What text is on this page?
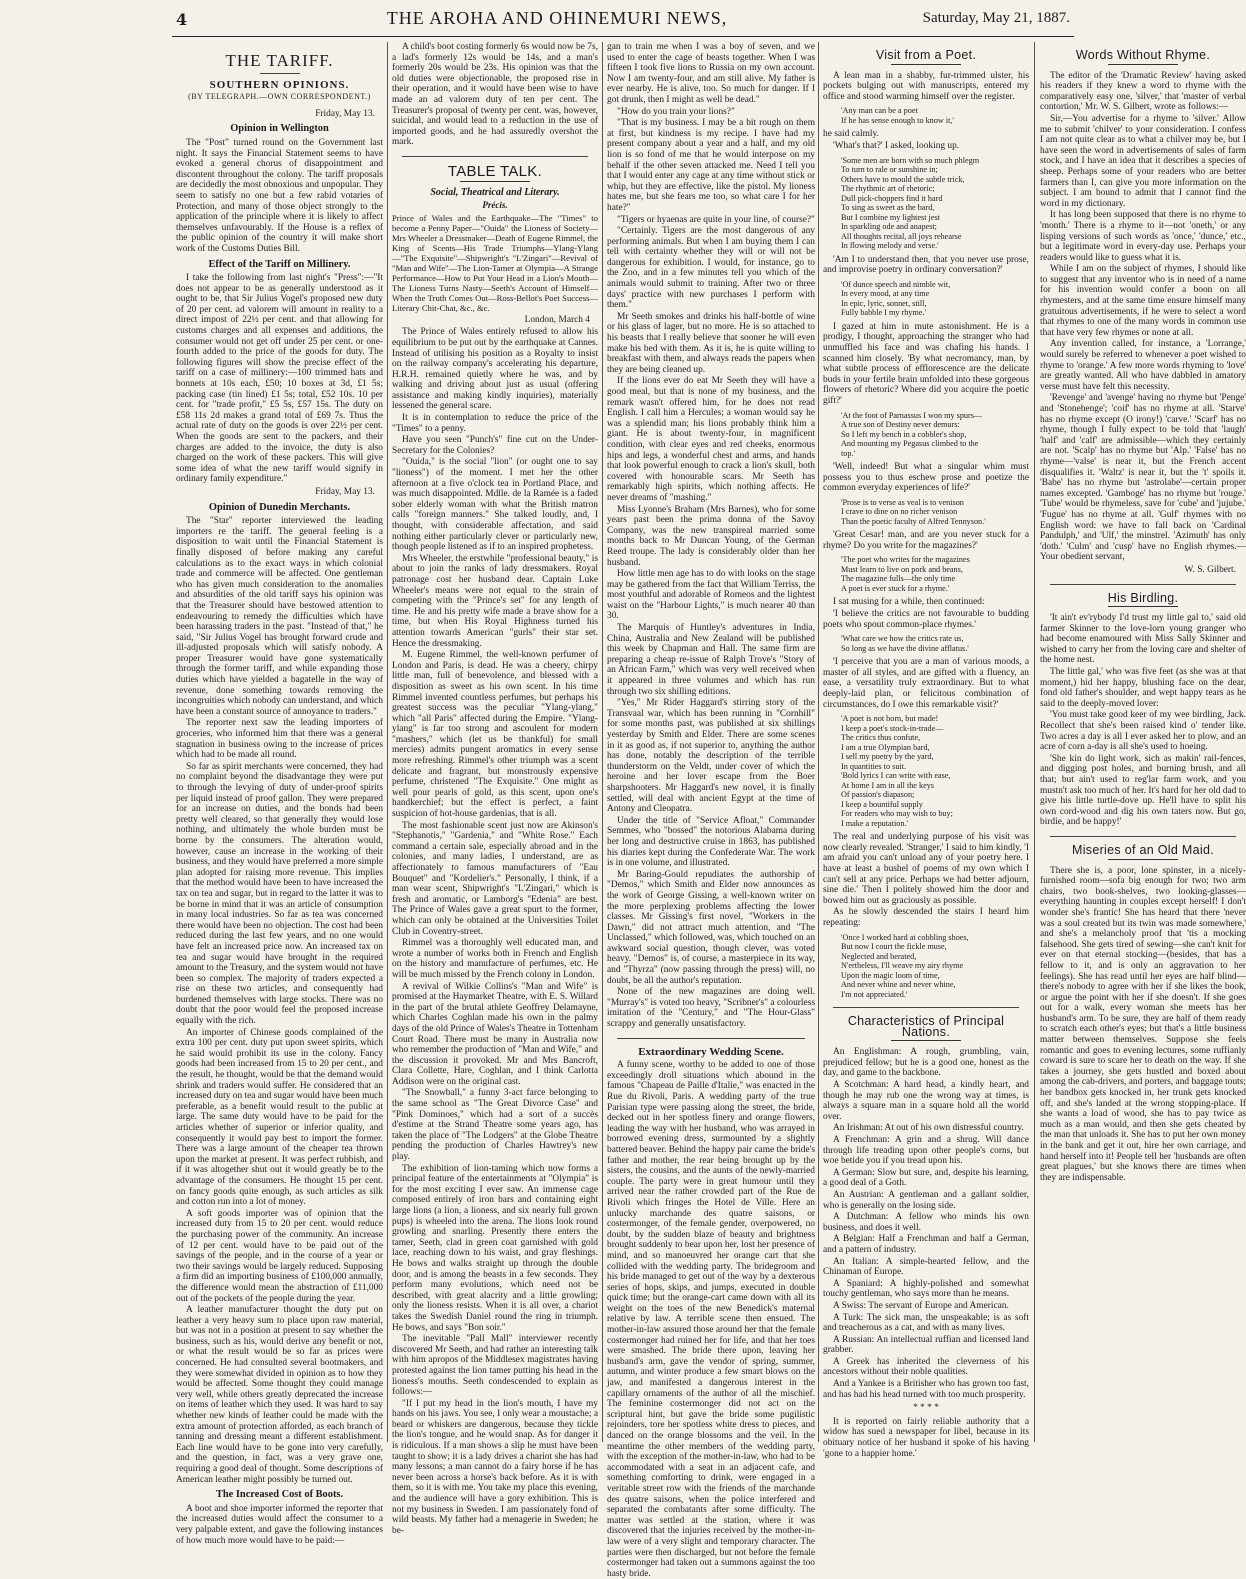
4	THE AROHA AND OHINEMURI NEWS,	Saturday, May 21, 1887.
THE TARIFF.
SOUTHERN OPINIONS.
(BY TELEGRAPH.—OWN CORRESPONDENT.)
Friday, May 13.
Opinion in Wellington

The "Post" turned round on the Government last night. It says the Financial Statement seems to have evoked a general chorus of disappointment and discontent throughout the colony. The tariff proposals are decidedly the most obnoxious and unpopular. They seem to satisfy no one but a few rabid votaries of Protection, and many of those object strongly to the application of the principle where it is likely to affect themselves unfavourably. If the House is a reflex of the public opinion of the country it will make short work of the Customs Duties Bill.

Effect of the Tariff on Millinery.

I take the following from last night's "Press":—"It does not appear to be as generally understood as it ought to be, that Sir Julius Vogel's proposed new duty of 20 per cent. ad valorem will amount in reality to a direct impost of 22½ per cent. and that allowing for customs charges and all expenses and additions, the consumer would not get off under 25 per cent. or one-fourth added to the price of the goods for duty. The following figures will show the precise effect of the tariff on a case of millinery:—100 trimmed hats and bonnets at 10s each, £50; 10 boxes at 3d, £1 5s; packing case (tin lined) £1 5s; total, £52 10s. 10 per cent. for "trade profit," £5 5s, £57 15s. The duty on £58 11s 2d makes a grand total of £69 7s. Thus the actual rate of duty on the goods is over 22½ per cent. When the goods are sent to the packers, and their charges are added to the invoice, the duty is also charged on the work of these packers. This will give some idea of what the new tariff would signify in ordinary family expenditure."

Friday, May 13.
Opinion of Dunedin Merchants.

The "Star" reporter interviewed the leading importers re the tariff. The general feeling is a disposition to wait until the Financial Statement is finally disposed of before making any careful calculations as to the exact ways in which colonial trade and commerce will be affected. One gentleman who has given much consideration to the anomalies and absurdities of the old tariff says his opinion was that the Treasurer should have bestowed attention to endeavouring to remedy the difficulties which have been harassing traders in the past. "Instead of that," he said, "Sir Julius Vogel has brought forward crude and ill-adjusted proposals which will satisfy nobody. A proper Treasurer would have gone systematically through the former tariff, and while expanding those duties which have yielded a bagatelle in the way of revenue, done something towards removing the incongruities which nobody can understand, and which have been a constant source of annoyance to traders."

The reporter next saw the leading importers of groceries, who informed him that there was a general stagnation in business owing to the increase of prices which had to be made all round.

So far as spirit merchants were concerned, they had no complaint beyond the disadvantage they were put to through the levying of duty of under-proof spirits per liquid instead of proof gallon. They were prepared for an increase on duties, and the bonds had been pretty well cleared, so that generally they would lose nothing, and ultimately the whole burden must be borne by the consumers. The alteration would, however, cause an increase in the working of their business, and they would have preferred a more simple plan adopted for raising more revenue. This implies that the method would have been to have increased the tax on tea and sugar, but in regard to the latter it was to be borne in mind that it was an article of consumption in many local industries. So far as tea was concerned there would have been no objection. The cost had been reduced during the last few years, and no one would have felt an increased price now. An increased tax on tea and sugar would have brought in the required amount to the Treasury, and the system would not have been so complex. The majority of traders expected a rise on these two articles, and consequently had burdened themselves with large stocks. There was no doubt that the poor would feel the proposed increase equally with the rich.

An importer of Chinese goods complained of the extra 100 per cent. duty put upon sweet spirits, which he said would prohibit its use in the colony. Fancy goods had been increased from 15 to 20 per cent., and the result, he thought, would be that the demand would shrink and traders would suffer. He considered that an increased duty on tea and sugar would have been much preferable, as a benefit would result to the public at large. The same duty would have to be paid for the articles whether of superior or inferior quality, and consequently it would pay best to import the former. There was a large amount of the cheaper tea thrown upon the market at present. It was perfect rubbish, and if it was altogether shut out it would greatly be to the advantage of the consumers. He thought 15 per cent. on fancy goods quite enough, as such articles as silk and cotton run into a lot of money.

A soft goods importer was of opinion that the increased duty from 15 to 20 per cent. would reduce the purchasing power of the community. An increase of 12 per cent. would have to be paid out of the savings of the people, and in the course of a year or two their savings would be largely reduced. Supposing a firm did an importing business of £100,000 annually, the difference would mean the abstraction of £11,000 out of the pockets of the people during the year.

A leather manufacturer thought the duty put on leather a very heavy sum to place upon raw material, but was not in a position at present to say whether the business, such as his, would derive any benefit or not, or what the result would be so far as prices were concerned. He had consulted several bootmakers, and they were somewhat divided in opinion as to how they would be affected. Some thought they could manage very well, while others greatly deprecated the increase on items of leather which they used. It was hard to say whether new kinds of leather could be made with the extra amount of protection afforded, as each branch of tanning and dressing meant a different establishment. Each line would have to be gone into very carefully, and the question, in fact, was a very grave one, requiring a good deal of thought. Some descriptions of American leather might possibly be turned out.

The Increased Cost of Boots.

A boot and shoe importer informed the reporter that the increased duties would affect the consumer to a very palpable extent, and gave the following instances of how much more would have to be paid:—

A child's boot costing formerly 6s would now be 7s, a lad's formerly 12s would be 14s, and a man's formerly 20s would be 23s. His opinion was that the old duties were objectionable, the proposed rise in their operation, and it would have been wise to have made an ad valorem duty of ten per cent. The Treasurer's proposal of twenty per cent. was, however, suicidal, and would lead to a reduction in the use of imported goods, and he had assuredly overshot the mark.

TABLE TALK.
Social, Theatrical and Literary.
Précis.

Prince of Wales and the Earthquake—The "Times" to become a Penny Paper—"Ouida" the Lioness of Society—Mrs Wheeler a Dressmaker—Death of Eugene Rimmel, the King of Scents—His Trade Triumphs—Ylang-Ylang—"The Exquisite"—Shipwright's "L'Zingari"—Revival of "Man and Wife"—The Lion-Tamer at Olympia—A Strange Performance—How to Put Your Head in a Lion's Mouth—The Lioness Turns Nasty—Seeth's Account of Himself—When the Truth Comes Out—Ross-Bellot's Poet Success—Literary Chit-Chat, &c., &c.

London, March 4

The Prince of Wales entirely refused to allow his equilibrium to be put out by the earthquake at Cannes. Instead of utilising his position as a Royalty to insist on the railway company's accelerating his departure, H.R.H. remained quietly where he was, and by walking and driving about just as usual (offering assistance and making kindly inquiries), materially lessened the general scare.

It is in contemplation to reduce the price of the "Times" to a penny.

Have you seen "Punch's" fine cut on the Under-Secretary for the Colonies?

"Ouida," is the social "lion" (or ought one to say "lioness") of the moment. I met her the other afternoon at a five o'clock tea in Portland Place, and was much disappointed. Mdlle. de la Ramée is a faded sober elderly woman with what the British matron calls "foreign manners." She talked loudly, and, I thought, with considerable affectation, and said nothing either particularly clever or particularly new, though people listened as if to an inspired prophetess.

Mrs Wheeler, the erstwhile "professional beauty," is about to join the ranks of lady dressmakers. Royal patronage cost her husband dear. Captain Luke Wheeler's means were not equal to the strain of competing with the "Prince's set" for any length of time. He and his pretty wife made a brave show for a time, but when His Royal Highness turned his attention towards American "gurls" their star set. Hence the dressmaking.

M. Eugene Rimmel, the well-known perfumer of London and Paris, is dead. He was a cheery, chirpy little man, full of benevolence, and blessed with a disposition as sweet as his own scent. In his time Rimmel invented countless perfumes, but perhaps his greatest success was the peculiar "Ylang-ylang," which "all Paris" affected during the Empire. "Ylang-ylang" is far too strong and ascoulent for modern "mashers," which (let us be thankful) for small mercies) admits pungent aromatics in every sense more refreshing. Rimmel's other triumph was a scent delicate and fragrant, but monstrously expensive perfume, christened "The Exquisite." One might as well pour pearls of gold, as this scent, upon one's handkerchief; but the effect is perfect, a faint suspicion of hot-house gardenias, that is all.

The most fashionable scent just now are Akinson's "Stephanotis," "Gardenia," and "White Rose." Each command a certain sale, especially abroad and in the colonies, and many ladies, I understand, are as affectionately to famous manufacturers of "Eau Bouquet" and "Kordelier's." Personally, I think, if a man wear scent, Shipwright's "L'Zingari," which is fresh and aromatic, or Lamborg's "Edenia" are best. The Prince of Wales gave a great spurt to the former, which can only be obtained at the Universities Toilet Club in Coventry-street.

Rimmel was a thoroughly well educated man, and wrote a number of works both in French and English on the history and manufacture of perfumes, etc. He will be much missed by the French colony in London.

A revival of Wilkie Collins's "Man and Wife" is promised at the Haymarket Theatre, with E. S. Willard in the part of the brutal athlete Geoffrey Delamayne, which Charles Coghlan made his own in the palmy days of the old Prince of Wales's Theatre in Tottenham Court Road. There must be many in Australia now who remember the production of "Man and Wife," and the discussion it provoked. Mr and Mrs Bancroft, Clara Collette, Hare, Coghlan, and I think Carlotta Addison were on the original cast.

"The Snowball," a funny 3-act farce belonging to the same school as "The Great Divorce Case" and "Pink Dominoes," which had a sort of a succès d'estime at the Strand Theatre some years ago, has taken the place of "The Lodgers" at the Globe Theatre pending the production of Charles Hawtrey's new play.

The exhibition of lion-taming which now forms a principal feature of the entertainments at "Olympia" is for the most exciting I ever saw. An immense cage composed entirely of iron bars and containing eight large lions (a lion, a lioness, and six nearly full grown pups) is wheeled into the arena. The lions look round growling and snarling. Presently there enters the tamer, Seeth, clad in green coat garnished with gold lace, reaching down to his waist, and gray fleshings. He bows and walks straight up through the double door, and is among the beasts in a few seconds. They perform many evolutions, which need not be described, with great alacrity and a little growling; only the lioness resists. When it is all over, a chariot takes the Swedish Daniel round the ring in triumph. He bows, and says "Bon soir."

The inevitable "Pall Mall" interviewer recently discovered Mr Seeth, and had rather an interesting talk with him apropos of the Middlesex magistrates having protested against the lion tamer putting his head in the lioness's mouths. Seeth condescended to explain as follows:—

"If I put my head in the lion's mouth, I have my hands on his jaws. You see, I only wear a moustache; a beard or whiskers are dangerous, because they tickle the lion's tongue, and he would snap. As for danger it is ridiculous. If a man shows a slip he must have been taught to show; it is a lady drives a chariot she has had many lessons; a man cannot do a fairy horse if he has never been across a horse's back before. As it is with them, so it is with me. You take my place this evening, and the audience will have a gory exhibition. This is not my business in Sweden. I am passionately fond of wild beasts. My father had a menagerie in Sweden; he be-

gan to train me when I was a boy of seven, and we used to enter the cage of beasts together. When I was fifteen I took five lions to Russia on my own account. Now I am twenty-four, and am still alive. My father is ever nearby. He is alive, too. So much for danger. If I got drunk, then I might as well be dead."

"How do you train your lions?"

"That is my business. I may be a bit rough on them at first, but kindness is my recipe. I have had my present company about a year and a half, and my old lion is so fond of me that he would interpose on my behalf if the other seven attacked me. Need I tell you that I would enter any cage at any time without stick or whip, but they are effective, like the pistol. My lioness hates me, but she fears me too, so what care I for her hate?"

"Tigers or hyaenas are quite in your line, of course?"

"Certainly. Tigers are the most dangerous of any performing animals. But when I am buying them I can tell with certainty whether they will or will not be dangerous for exhibition. I would, for instance, go to the Zoo, and in a few minutes tell you which of the animals would submit to training. After two or three days' practice with new purchases I perform with them."

Mr Seeth smokes and drinks his half-bottle of wine or his glass of lager, but no more. He is so attached to his beasts that I really believe that sooner he will even make his bed with them. As it is, he is quite willing to breakfast with them, and always reads the papers when they are being cleaned up.

If the lions ever do eat Mr Seeth they will have a good meal, but that is none of my business, and the remark wasn't offered him, for he does not read English. I call him a Hercules; a woman would say he was a splendid man; his lions probably think him a giant. He is about twenty-four, in magnificent condition, with clear eyes and red cheeks, enormous hips and legs, a wonderful chest and arms, and hands that look powerful enough to crack a lion's skull, both covered with honourable scars. Mr Seeth has remarkably high spirits, which nothing affects. He never dreams of "mashing."

Miss Lyonne's Braham (Mrs Barnes), who for some years past been the prima donna of the Savoy Company, was the new transpireal married some months back to Mr Duncan Young, of the German Reed troupe. The lady is considerably older than her husband.

How little men age has to do with looks on the stage may be gathered from the fact that William Terriss, the most youthful and adorable of Romeos and the lightest waist on the "Harbour Lights," is much nearer 40 than 30.

The Marquis of Huntley's adventures in India, China, Australia and New Zealand will be published this week by Chapman and Hall. The same firm are preparing a cheap re-issue of Ralph Trove's "Story of an African Farm," which was very well received when it appeared in three volumes and which has run through two six shilling editions.

"Yes," Mr Rider Haggard's stirring story of the Transvaal war, which has been running in "Cornhill" for some months past, was published at six shillings yesterday by Smith and Elder. There are some scenes in it as good as, if not superior to, anything the author has done, notably the description of the terrible thunderstorm on the Veldt, under cover of which the heroine and her lover escape from the Boer sharpshooters. Mr Haggard's new novel, it is finally settled, will deal with ancient Egypt at the time of Antony and Cleopatra.

Under the title of "Service Afloat," Commander Semmes, who "bossed" the notorious Alabama during her long and destructive cruise in 1863, has published his diaries kept during the Confederate War. The work is in one volume, and illustrated.

Mr Baring-Gould repudiates the authorship of "Demos," which Smith and Elder now announces as the work of George Gissing, a well-known writer on the more perplexing problems affecting the lower classes. Mr Gissing's first novel, "Workers in the Dawn," did not attract much attention, and "The Unclassed," which followed, was, which touched on an awkward social question, though clever, was voted heavy. "Demos" is, of course, a masterpiece in its way, and "Thyrza" (now passing through the press) will, no doubt, be all the author's reputation.

None of the new magazines are doing well. "Murray's" is voted too heavy, "Scribner's" a colourless imitation of the "Century," and "The Hour-Glass" scrappy and generally unsatisfactory.

Extraordinary Wedding Scene.

A funny scene, worthy to be added to one of those exceedingly droll situations which abound in the famous "Chapeau de Paille d'Italie," was enacted in the Rue du Rivoli, Paris. A wedding party of the true Parisian type were passing along the street, the bride, decked out in her spotless finery and orange flowers, leading the way with her husband, who was arrayed in borrowed evening dress, surmounted by a slightly battered beaver. Behind the happy pair came the bride's father and mother, the rear being brought up by the sisters, the cousins, and the aunts of the newly-married couple. The party were in great humour until they arrived near the rather crowded part of the Rue de Rivoli which fringes the Hotel de Ville. Here an unlucky marchande des quatre saisons, or costermonger, of the female gender, overpowered, no doubt, by the sudden blaze of beauty and brightness brought suddenly to bear upon her, lost her presence of mind, and so manoeuvred her orange cart that she collided with the wedding party. The bridegroom and his bride managed to get out of the way by a dexterous series of hops, skips, and jumps, executed in double quick time; but the orange-cart came down with all its weight on the toes of the new Benedick's maternal relative by law. A terrible scene then ensued. The mother-in-law assured those around her that the female costermonger had ruined her for life, and that her toes were smashed. The bride there upon, leaving her husband's arm, gave the vendor of spring, summer, autumn, and winter produce a few smart blows on the jaw, and manifested a dangerous interest in the capillary ornaments of the author of all the mischief. The feminine costermonger did not act on the scriptural hint, but gave the bride some pugilistic rejoinders, tore her spotless white dress to pieces, and danced on the orange blossoms and the veil. In the meantime the other members of the wedding party, with the exception of the mother-in-law, who had to be accommodated with a seat in an adjacent cafe, and something comforting to drink, were engaged in a veritable street row with the friends of the marchande des quatre saisons, when the police interfered and separated the combatants after some difficulty. The matter was settled at the station, where it was discovered that the injuries received by the mother-in-law were of a very slight and temporary character. The parties were then discharged, but not before the female costermonger had taken out a summons against the too hasty bride.

Visit from a Poet.

A lean man in a shabby, fur-trimmed ulster, his pockets bulging out with manuscripts, entered my office and stood warming himself over the register.

'Any man can be a poet
If he has sense enough to know it,'

he said calmly.

'What's that?' I asked, looking up.

'Some men are born with so much phlegm
To turn to rale or sunshine in;
Others have to mould the subtle trick,
The rhythmic art of rhetoric;
Dull pick-choppers find it hard
To sing as sweet as the bard,
But I combine my lightest jest
In sparkling ode and anapest;
All thoughts recital, all joys rehearse
In flowing melody and verse.'

'Am I to understand then, that you never use prose, and improvise poetry in ordinary conversation?'

'Of dunce speech and nimble wit,
In every mood, at any time
In epic, lyric, sonnet, still,
Fully babble I my rhyme.'

I gazed at him in mute astonishment. He is a prodigy, I thought, approaching the stranger who had unmuffled his face and was chafing his hands. I scanned him closely. 'By what necromancy, man, by what subtle process of efflorescence are the delicate buds in your fertile brain unfolded into these gorgeous flowers of rhetoric? Where did you acquire the poetic gift?'

'At the foot of Parnassus I won my spurs—
A true son of Destiny never demurs:
So I left my bench in a cobbler's shop,
And mounting my Pegasus climbed to the
top.'

'Well, indeed! But what a singular whim must possess you to thus eschew prose and poetize the common everyday experiences of life?'

'Prose is to verse as veal is to venison
I crave to dine on no richer venison
Than the poetic faculty of Alfred Tennyson.'

'Great Cesar! man, and are you never stuck for a rhyme? Do you write for the magazines?'

'The poet who writes for the magazines
Must learn to live on pork and beans,
The magazine fulls—the only time
A poet is ever stuck for a rhyme.'

I sat musing for a while, then continued:

'I believe the critics are not favourable to budding poets who spout common-place rhymes.'

'What care we how the critics rate us,
So long as we have the divine afflatus.'

'I perceive that you are a man of various moods, a master of all styles, and are gifted with a fluency, an ease, a versatility truly extraordinary. But to what deeply-laid plan, or felicitous combination of circumstances, do I owe this remarkable visit?'

'A poet is not born, but made!
I keep a poet's stock-in-trade—
The critics thus confute,
I am a true Olympian bard,
I sell my poetry by the yard,
In quantities to suit.
'Bold lyrics I can write with ease,
At home I am in all the keys
Of passion's diapason;
I keep a bountiful supply
For readers who may wish to buy;
I make a reputation.'

The real and underlying purpose of his visit was now clearly revealed. 'Stranger,' I said to him kindly, 'I am afraid you can't unload any of your poetry here. I have at least a bushel of poems of my own which I can't sell at any price. Perhaps we had better adjourn, sine die.' Then I politely showed him the door and bowed him out as graciously as possible.

As he slowly descended the stairs I heard him repeating:

'Once I worked hard at cobbling shoes,
But now I court the fickle muse,
Neglected and berated,
N'ertheless, I'll weave my airy rhyme
Upon the magic loom of time,
And never whine and never whine,
I'm not appreciated.'
Characteristics of Principal Nations.

An Englishman: A rough, grumbling, vain, prejudiced fellow; but he is a good one, honest as the day, and game to the backbone.

A Scotchman: A hard head, a kindly heart, and though he may rub one the wrong way at times, is always a square man in a square hold all the world over.

An Irishman: At out of his own distressful country.

A Frenchman: A grin and a shrug. Will dance through life treading upon other people's corns, but woe betide you if you tread upon his.

A German: Slow but sure, and, despite his learning, a good deal of a Goth.

An Austrian: A gentleman and a gallant soldier, who is generally on the losing side.

A Dutchman: A fellow who minds his own business, and does it well.

A Belgian: Half a Frenchman and half a German, and a pattern of industry.

An Italian: A simple-hearted fellow, and the Chinaman of Europe.

A Spaniard: A highly-polished and somewhat touchy gentleman, who says more than he means.

A Swiss: The servant of Europe and American.

A Turk: The sick man, the unspeakable; is as soft and treacherous as a cat, and with as many lives.

A Russian: An intellectual ruffian and licensed land grabber.

A Greek has inherited the cleverness of his ancestors without their noble qualities.

And a Yankee is a Britisher who has grown too fast, and has had his head turned with too much prosperity.

* * * *

It is reported on fairly reliable authority that a widow has sued a newspaper for libel, because in its obituary notice of her husband it spoke of his having 'gone to a happier home.'

Words Without Rhyme.

The editor of the 'Dramatic Review' having asked his readers if they knew a word to rhyme with the comparatively easy one, 'silver,' that 'master of verbal contortion,' Mr. W. S. Gilbert, wrote as follows:—

Sir,—You advertise for a rhyme to 'silver.' Allow me to submit 'chilver' to your consideration. I confess I am not quite clear as to what a chilver may be, but I have seen the word in advertisements of sales of farm stock, and I have an idea that it describes a species of sheep. Perhaps some of your readers who are better farmers than I, can give you more information on the subject. I am bound to admit that I cannot find the word in my dictionary.

It has long been supposed that there is no rhyme to 'month.' There is a rhyme to it—not 'oneth,' or any lisping versions of such words as 'once,' 'dunce,' etc., but a legitimate word in every-day use. Perhaps your readers would like to guess what it is.

While I am on the subject of rhymes, I should like to suggest that any inventor who is in need of a name for his invention would confer a boon on all rhymesters, and at the same time ensure himself many gratuitous advertisements, if he were to select a word that rhymes to one of the many words in common use that have very few rhymes or none at all.

Any invention called, for instance, a 'Lorrange,' would surely be referred to whenever a poet wished to rhyme to 'orange.' A few more words rhyming to 'love' are greatly wanted. All who have dabbled in amatory verse must have felt this necessity.

'Revenge' and 'avenge' having no rhyme but 'Penge' and 'Stonehenge'; 'coif' has no rhyme at all. 'Starve' has no rhyme except (O irony!) 'carve.' 'Scarf' has no rhyme, though I fully expect to be told that 'laugh' 'half' and 'calf' are admissible—which they certainly are not. 'Scalp' has no rhyme but 'Alp.' 'False' has no rhyme—'valse' is near it, but the French accent disqualifies it. 'Waltz' is near it, but the 't' spoils it. 'Babe' has no rhyme but 'astrolabe'—certain proper names excepted. 'Gamboge' has no rhyme but 'rouge.' 'Tube' would be rhymeless, save for 'cube' and 'jujube.' 'Fugue' has no rhyme at all. 'Gulf' rhymes with no English word: we have to fall back on 'Cardinal Pandulph,' and 'Ulf,' the minstrel. 'Azimuth' has only 'doth.' 'Culm' and 'cusp' have no English rhymes.—Your obedient servant,

W. S. Gilbert.
His Birdling.

'It ain't ev'rybody I'd trust my little gal to,' said old farmer Skinner to the love-lorn young granger who had become enamoured with Miss Sally Skinner and wished to carry her from the loving care and shelter of the home nest.

The little gal,' who was five feet (as she was at that moment,) hid her happy, blushing face on the dear, fond old father's shoulder, and wept happy tears as he said to the deeply-moved lover:

'You must take good keer of my wee birdling, Jack. Recollect that she's been raised kind o' tender like. Two acres a day is all I ever asked her to plow, and an acre of corn a-day is all she's used to hoeing.

'She kin do light work, sich as makin' rail-fences, and digging post holes, and burning brush, and all that; but ain't used to reg'lar farm work, and you mustn't ask too much of her. It's hard for her old dad to give his little turtle-dove up. He'll have to split his own cord-wood and dig his own taters now. But go, birdie, and be happy!'

Miseries of an Old Maid.

There she is, a poor, lone spinster, in a nicely-furnished room—sofa big enough for two; two arm chairs, two book-shelves, two looking-glasses—everything haunting in couples except herself! I don't wonder she's frantic! She has heard that there 'never was a soul created but its twin was made somewhere,' and she's a melancholy proof that 'tis a mocking falsehood. She gets tired of sewing—she can't knit for ever on that eternal stocking—(besides, that has a fellow to it, and is only an aggravation to her feelings). She has read until her eyes are half blind—there's nobody to agree with her if she likes the book, or argue the point with her if she doesn't. If she goes out for a walk, every woman she meets has her husband's arm. To be sure, they are half of them ready to scratch each other's eyes; but that's a little business matter between themselves. Suppose she feels romantic and goes to evening lectures, some ruffianly coward is sure to scare her to death on the way. If she takes a journey, she gets hustled and boxed about among the cab-drivers, and porters, and baggage touts; her bandbox gets knocked in, her trunk gets knocked off, and she's landed at the wrong stopping-place. If she wants a load of wood, she has to pay twice as much as a man would, and then she gets cheated by the man that unloads it. She has to put her own money in the bank and get it out, hire her own carriage, and hand herself into it! People tell her 'husbands are often great plagues,' but she knows there are times when they are indispensable.
